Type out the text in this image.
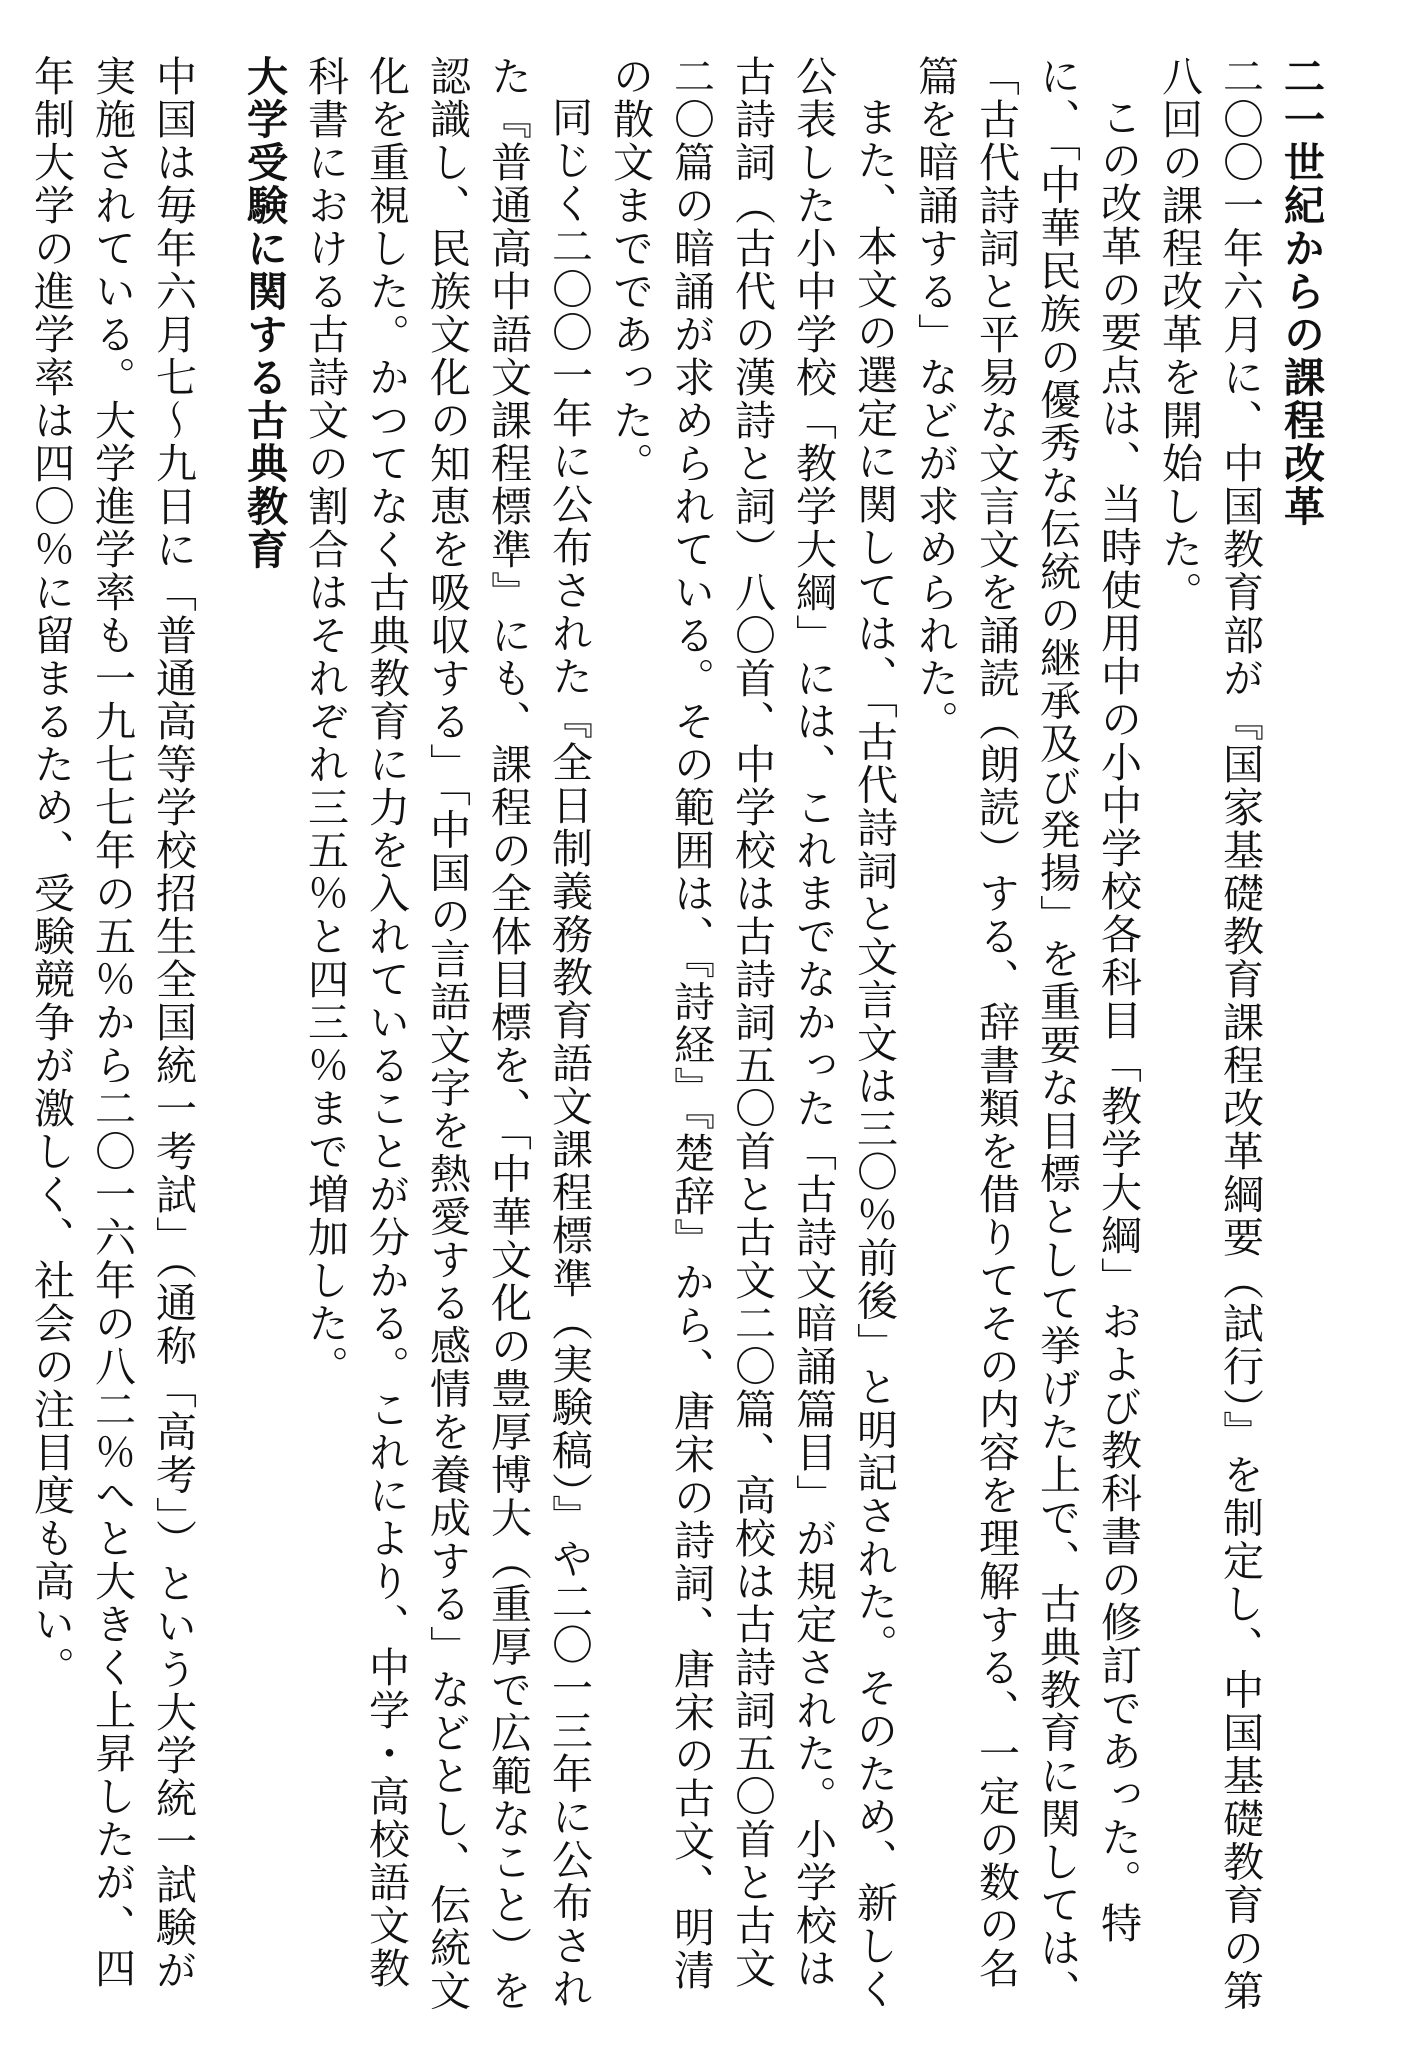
二一世紀からの課程改革

二〇〇一年六月に、中国教育部が『国家基礎教育課程改革綱要（試行）』を制定し、中国基礎教育の第八回の課程改革を開始した。

この改革の要点は、当時使用中の小中学校各科目「教学大綱」および教科書の修訂であった。特に、「中華民族の優秀な伝統の継承及び発揚」を重要な目標として挙げた上で、古典教育に関しては、「古代詩詞と平易な文言文を誦読（朗読）する、辞書類を借りてその内容を理解する、一定の数の名篇を暗誦する」などが求められた。

また、本文の選定に関しては、「古代詩詞と文言文は三〇％前後」と明記された。そのため、新しく公表した小中学校「教学大綱」には、これまでなかった「古詩文暗誦篇目」が規定された。小学校は古詩詞（古代の漢詩と詞）八〇首、中学校は古詩詞五〇首と古文二〇篇、高校は古詩詞五〇首と古文二〇篇の暗誦が求められている。その範囲は、『詩経』『楚辞』から、唐宋の詩詞、唐宋の古文、明清の散文までであった。

同じく二〇〇一年に公布された『全日制義務教育語文課程標準（実験稿）』や二〇一三年に公布された『普通高中語文課程標準』にも、課程の全体目標を、「中華文化の豊厚博大（重厚で広範なこと）を認識し、民族文化の知恵を吸収する」「中国の言語文字を熱愛する感情を養成する」などとし、伝統文化を重視した。かつてなく古典教育に力を入れていることが分かる。これにより、中学・高校語文教科書における古詩文の割合はそれぞれ三五％と四三％まで増加した。

大学受験に関する古典教育

中国は毎年六月七～九日に「普通高等学校招生全国統一考試」（通称「高考」）という大学統一試験が実施されている。大学進学率も一九七七年の五％から二〇一六年の八二％へと大きく上昇したが、四年制大学の進学率は四〇％に留まるため、受験競争が激しく、社会の注目度も高い。
